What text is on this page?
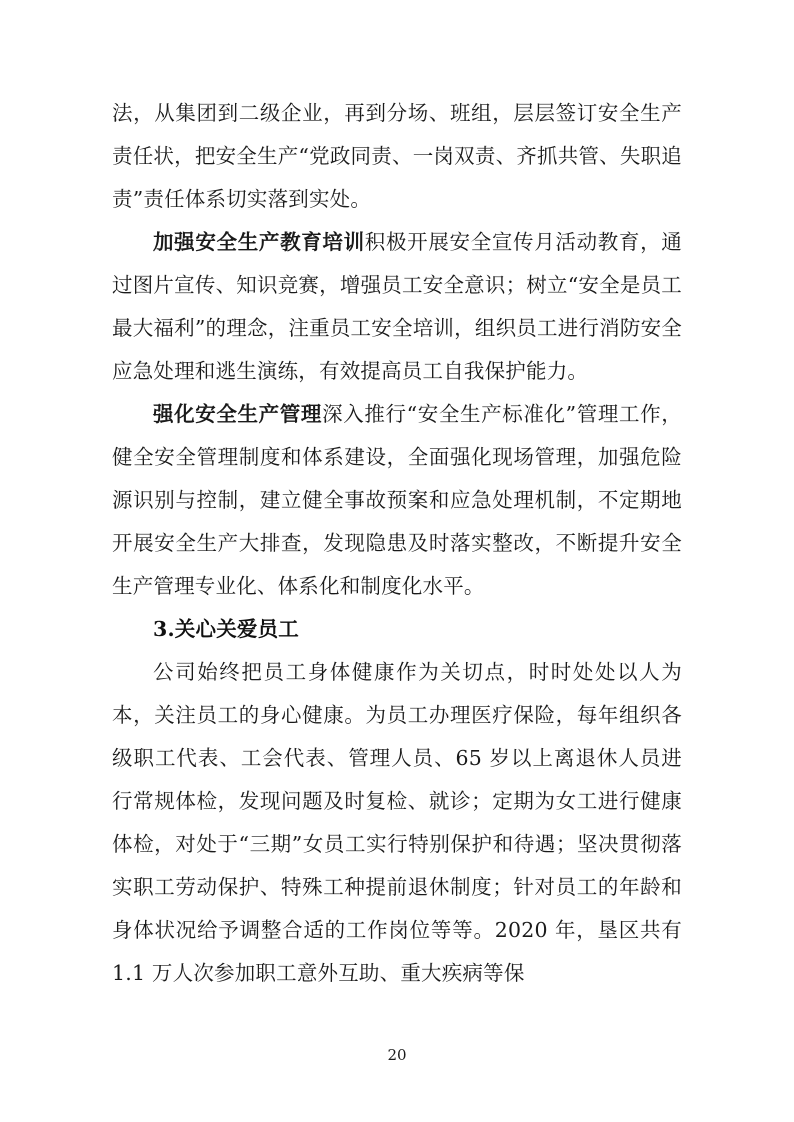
法，从集团到二级企业，再到分场、班组，层层签订安全生产责任状，把安全生产“党政同责、一岗双责、齐抓共管、失职追责”责任体系切实落到实处。

加强安全生产教育培训积极开展安全宣传月活动教育，通过图片宣传、知识竞赛，增强员工安全意识；树立“安全是员工最大福利”的理念，注重员工安全培训，组织员工进行消防安全应急处理和逃生演练，有效提高员工自我保护能力。

强化安全生产管理深入推行“安全生产标准化”管理工作，健全安全管理制度和体系建设，全面强化现场管理，加强危险源识别与控制，建立健全事故预案和应急处理机制，不定期地开展安全生产大排查，发现隐患及时落实整改，不断提升安全生产管理专业化、体系化和制度化水平。

3.关心关爱员工

公司始终把员工身体健康作为关切点，时时处处以人为本，关注员工的身心健康。为员工办理医疗保险，每年组织各级职工代表、工会代表、管理人员、65 岁以上离退休人员进行常规体检，发现问题及时复检、就诊；定期为女工进行健康体检，对处于“三期”女员工实行特别保护和待遇；坚决贯彻落实职工劳动保护、特殊工种提前退休制度；针对员工的年龄和身体状况给予调整合适的工作岗位等等。2020 年，垦区共有 1.1 万人次参加职工意外互助、重大疾病等保

20
